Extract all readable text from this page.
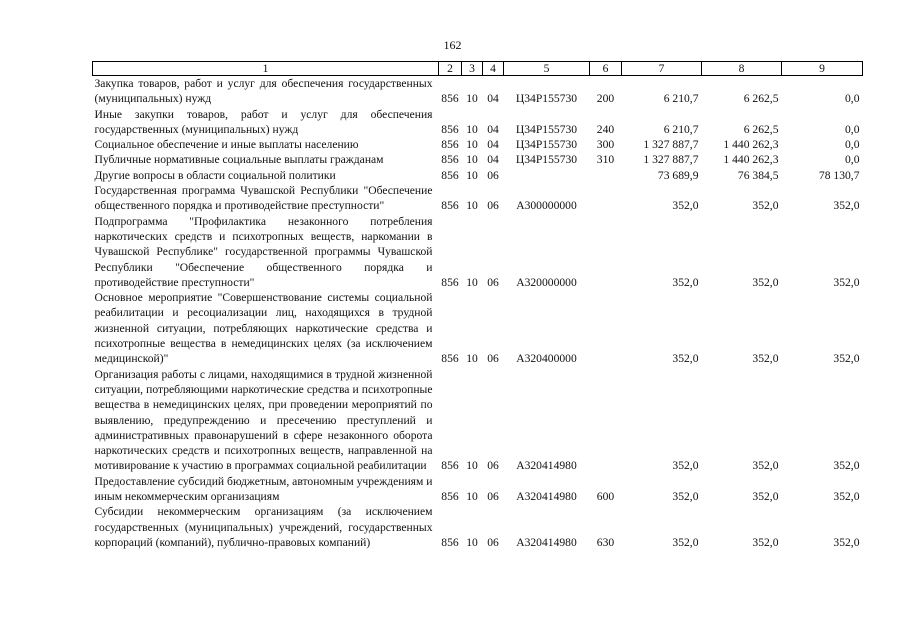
162
1	2	3	4	5	6	7	8	9
Закупка товаров, работ и услуг для обеспечения государственных (муниципальных) нужд	856	10	04	Ц34Р155730	200	6 210,7	6 262,5	0,0
Иные закупки товаров, работ и услуг для обеспечения государственных (муниципальных) нужд	856	10	04	Ц34Р155730	240	6 210,7	6 262,5	0,0
Социальное обеспечение и иные выплаты населению	856	10	04	Ц34Р155730	300	1 327 887,7	1 440 262,3	0,0
Публичные нормативные социальные выплаты гражданам	856	10	04	Ц34Р155730	310	1 327 887,7	1 440 262,3	0,0
Другие вопросы в области социальной политики	856	10	06			73 689,9	76 384,5	78 130,7
Государственная программа Чувашской Республики "Обеспечение общественного порядка и противодействие преступности"	856	10	06	А300000000		352,0	352,0	352,0
Подпрограмма "Профилактика незаконного потребления наркотических средств и психотропных веществ, наркомании в Чувашской Республике" государственной программы Чувашской Республики "Обеспечение общественного порядка и противодействие преступности"	856	10	06	А320000000		352,0	352,0	352,0
Основное мероприятие "Совершенствование системы социальной реабилитации и ресоциализации лиц, находящихся в трудной жизненной ситуации, потребляющих наркотические средства и психотропные вещества в немедицинских целях (за исключением медицинской)"	856	10	06	А320400000		352,0	352,0	352,0
Организация работы с лицами, находящимися в трудной жизненной ситуации, потребляющими наркотические средства и психотропные вещества в немедицинских целях, при проведении мероприятий по выявлению, предупреждению и пресечению преступлений и административных правонарушений в сфере незаконного оборота наркотических средств и психотропных веществ, направленной на мотивирование к участию в программах социальной реабилитации	856	10	06	А320414980		352,0	352,0	352,0
Предоставление субсидий бюджетным, автономным учреждениям и иным некоммерческим организациям	856	10	06	А320414980	600	352,0	352,0	352,0
Субсидии некоммерческим организациям (за исключением государственных (муниципальных) учреждений, государственных корпораций (компаний), публично-правовых компаний)	856	10	06	А320414980	630	352,0	352,0	352,0
